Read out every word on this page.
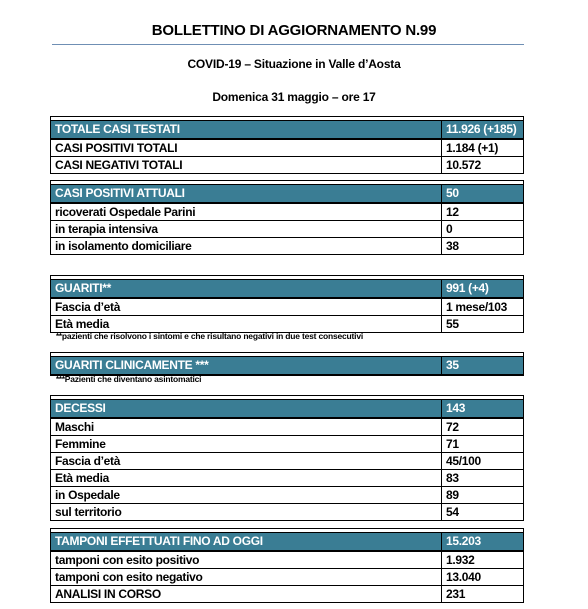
BOLLETTINO DI AGGIORNAMENTO N.99
COVID-19 – Situazione in Valle d’Aosta
Domenica 31 maggio – ore 17

TOTALE CASI TESTATI	11.926 (+185)
CASI POSITIVI TOTALI	1.184 (+1)
CASI NEGATIVI TOTALI	10.572

CASI POSITIVI ATTUALI	50
ricoverati Ospedale Parini	12
in terapia intensiva	0
in isolamento domiciliare	38

GUARITI**	991 (+4)
Fascia d’età	1 mese/103
Età media	55
**pazienti che risolvono i sintomi e che risultano negativi in due test consecutivi

GUARITI CLINICAMENTE ***	35
***Pazienti che diventano asintomatici

DECESSI	143
Maschi	72
Femmine	71
Fascia d’età	45/100
Età media	83
in Ospedale	89
sul territorio	54

TAMPONI EFFETTUATI FINO AD OGGI	15.203
tamponi con esito positivo	1.932
tamponi con esito negativo	13.040
ANALISI IN CORSO	231
